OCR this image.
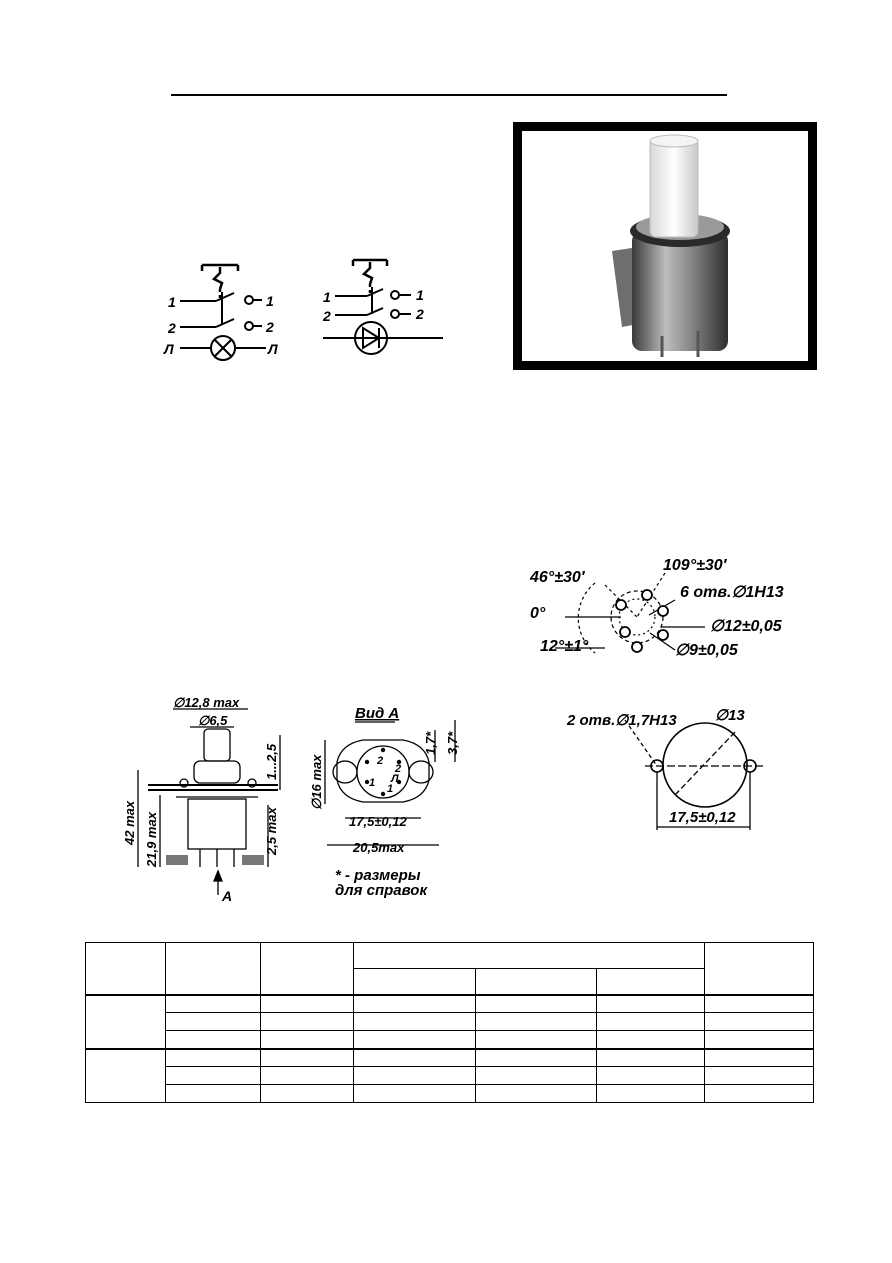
1
2
Л
1
2
Л
1
2
1
2
46°±30′
109°±30′
6 отв.∅1H13
0°
∅12±0,05
12°±1°	∅9±0,05
∅12,8 max
∅6,5
42 max 21,9 max
1...2,5
2,5 max
А
Вид А
1,7* 3,7*
∅16 max
17,5±0,12
20,5max
2
1
2
Л
1
* - размеры
для справок
2 отв.∅1,7H13	∅13
17,5±0,12
